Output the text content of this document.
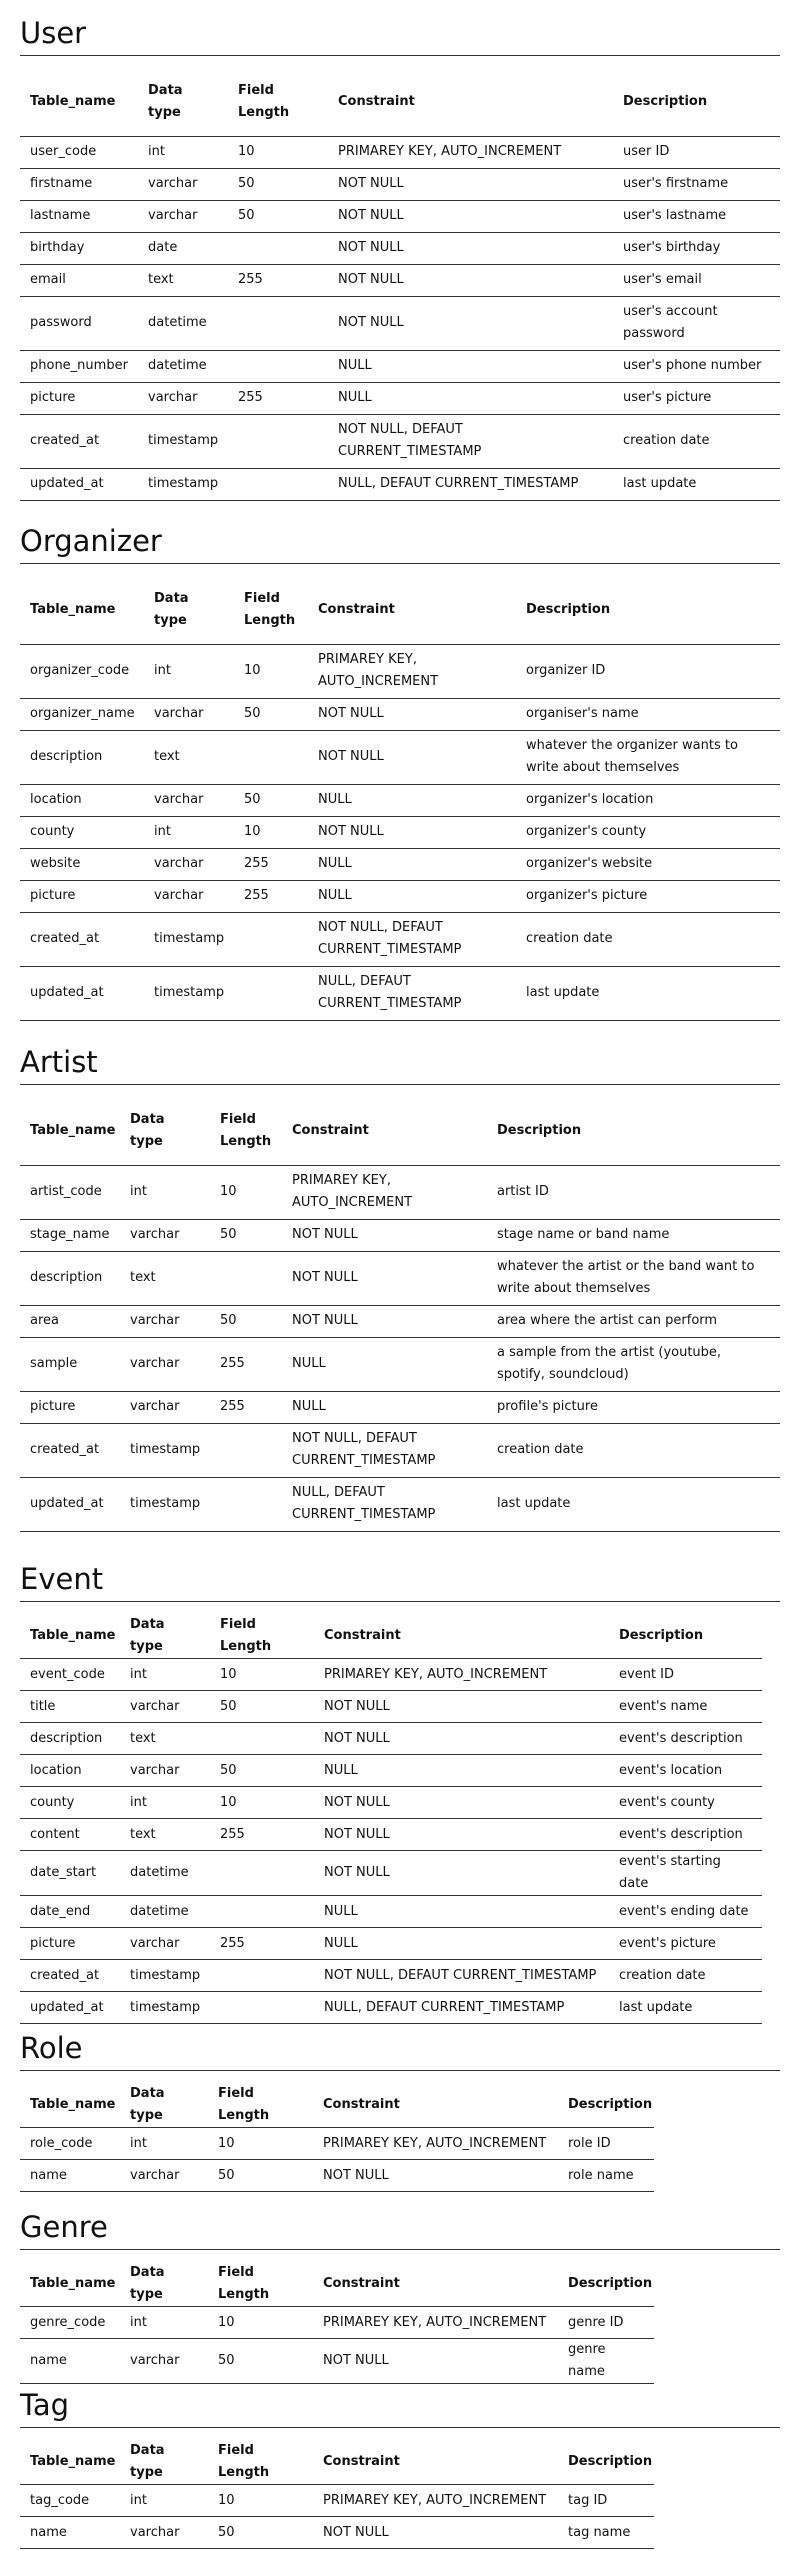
User
Table_name	Data type	Field Length	Constraint	Description
user_code	int	10	PRIMAREY KEY, AUTO_INCREMENT	user ID
firstname	varchar	50	NOT NULL	user's firstname
lastname	varchar	50	NOT NULL	user's lastname
birthday	date		NOT NULL	user's birthday
email	text	255	NOT NULL	user's email
password	datetime		NOT NULL	user's account password
phone_number	datetime		NULL	user's phone number
picture	varchar	255	NULL	user's picture
created_at	timestamp		NOT NULL, DEFAUT CURRENT_TIMESTAMP	creation date
updated_at	timestamp		NULL, DEFAUT CURRENT_TIMESTAMP	last update
Organizer
Table_name	Data type	Field Length	Constraint	Description
organizer_code	int	10	PRIMAREY KEY, AUTO_INCREMENT	organizer ID
organizer_name	varchar	50	NOT NULL	organiser's name
description	text		NOT NULL	whatever the organizer wants to write about themselves
location	varchar	50	NULL	organizer's location
county	int	10	NOT NULL	organizer's county
website	varchar	255	NULL	organizer's website
picture	varchar	255	NULL	organizer's picture
created_at	timestamp		NOT NULL, DEFAUT CURRENT_TIMESTAMP	creation date
updated_at	timestamp		NULL, DEFAUT CURRENT_TIMESTAMP	last update
Artist
Table_name	Data type	Field Length	Constraint	Description
artist_code	int	10	PRIMAREY KEY, AUTO_INCREMENT	artist ID
stage_name	varchar	50	NOT NULL	stage name or band name
description	text		NOT NULL	whatever the artist or the band want to write about themselves
area	varchar	50	NOT NULL	area where the artist can perform
sample	varchar	255	NULL	a sample from the artist (youtube, spotify, soundcloud)
picture	varchar	255	NULL	profile's picture
created_at	timestamp		NOT NULL, DEFAUT CURRENT_TIMESTAMP	creation date
updated_at	timestamp		NULL, DEFAUT CURRENT_TIMESTAMP	last update
Event
Table_name	Data type	Field Length	Constraint	Description
event_code	int	10	PRIMAREY KEY, AUTO_INCREMENT	event ID
title	varchar	50	NOT NULL	event's name
description	text		NOT NULL	event's description
location	varchar	50	NULL	event's location
county	int	10	NOT NULL	event's county
content	text	255	NOT NULL	event's description
date_start	datetime		NOT NULL	event's starting date
date_end	datetime		NULL	event's ending date
picture	varchar	255	NULL	event's picture
created_at	timestamp		NOT NULL, DEFAUT CURRENT_TIMESTAMP	creation date
updated_at	timestamp		NULL, DEFAUT CURRENT_TIMESTAMP	last update
Role
Table_name	Data type	Field Length	Constraint	Description
role_code	int	10	PRIMAREY KEY, AUTO_INCREMENT	role ID
name	varchar	50	NOT NULL	role name
Genre
Table_name	Data type	Field Length	Constraint	Description
genre_code	int	10	PRIMAREY KEY, AUTO_INCREMENT	genre ID
name	varchar	50	NOT NULL	genre name
Tag
Table_name	Data type	Field Length	Constraint	Description
tag_code	int	10	PRIMAREY KEY, AUTO_INCREMENT	tag ID
name	varchar	50	NOT NULL	tag name
